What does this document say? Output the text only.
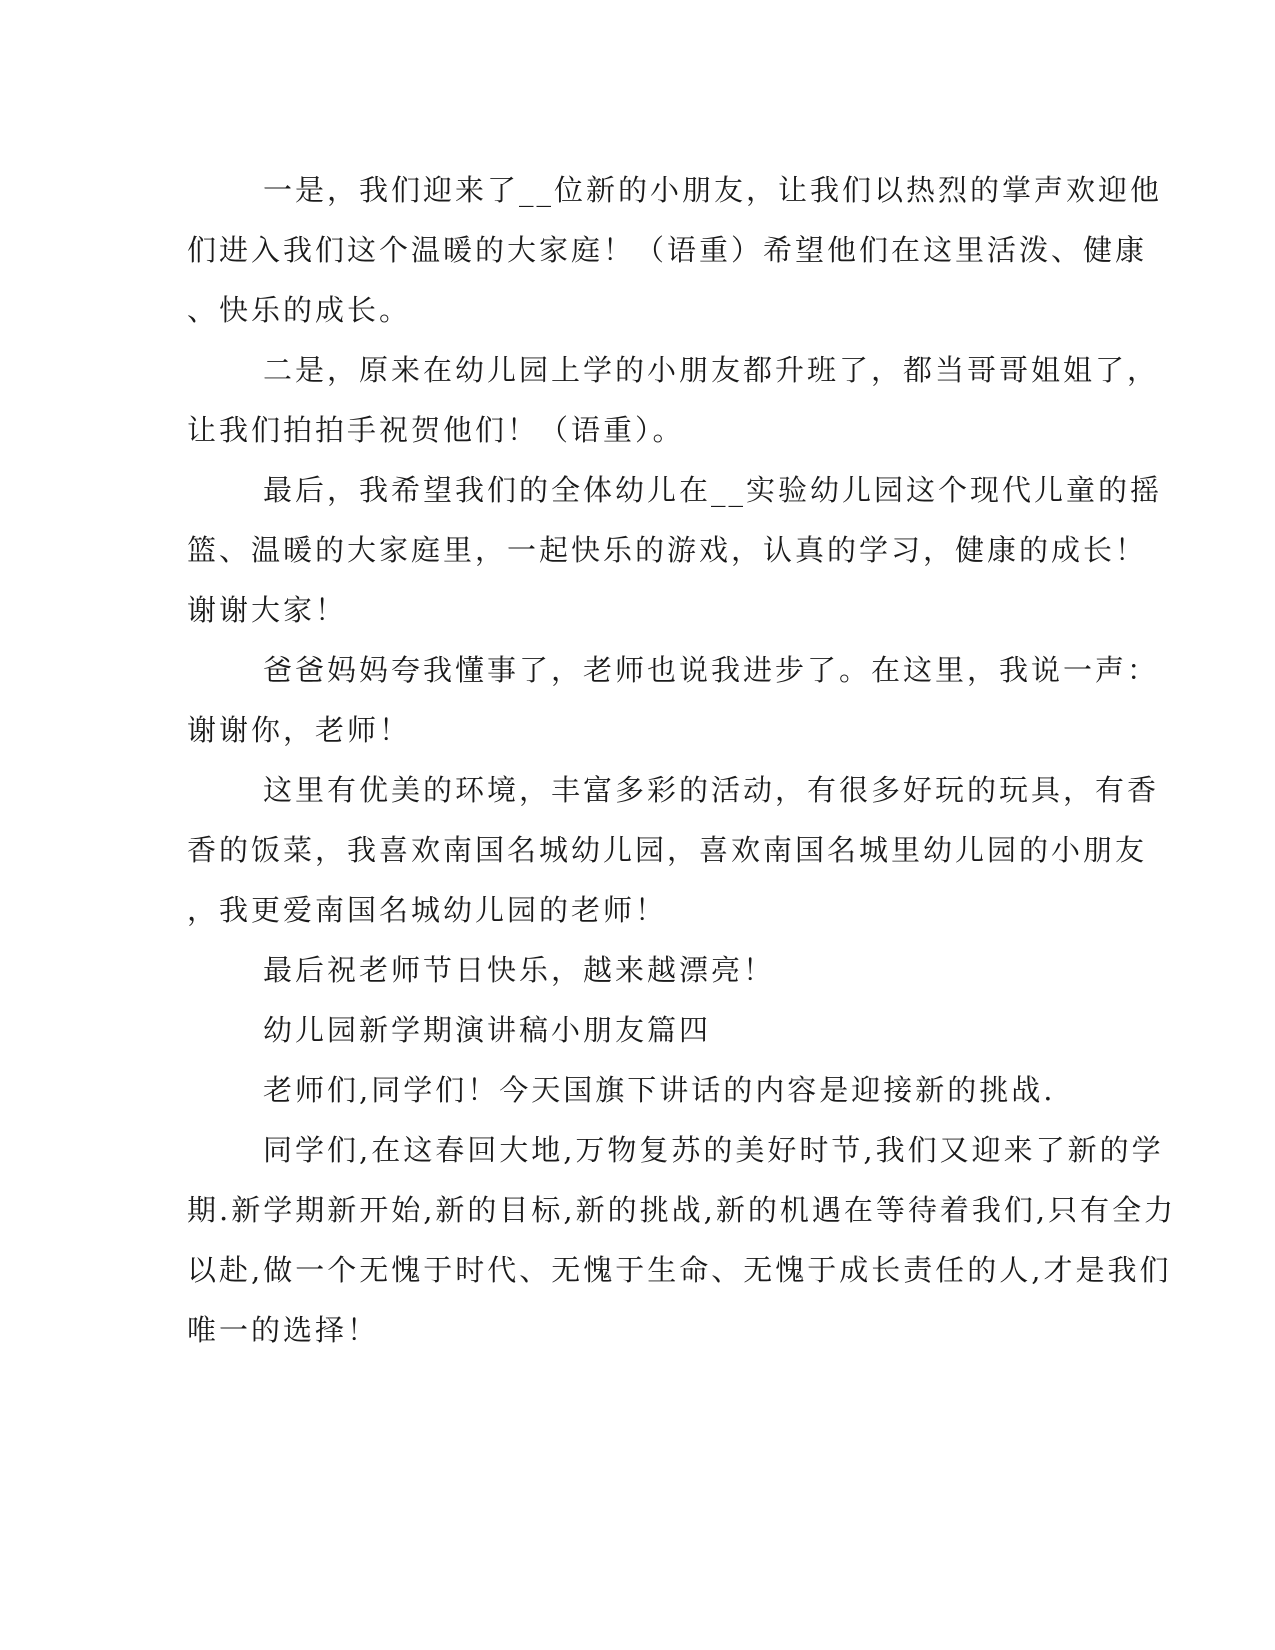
一是，我们迎来了__位新的小朋友，让我们以热烈的掌声欢迎他
们进入我们这个温暖的大家庭！（语重）希望他们在这里活泼、健康
、快乐的成长。
二是，原来在幼儿园上学的小朋友都升班了，都当哥哥姐姐了，
让我们拍拍手祝贺他们！（语重）。
最后，我希望我们的全体幼儿在__实验幼儿园这个现代儿童的摇
篮、温暖的大家庭里，一起快乐的游戏，认真的学习，健康的成长！
谢谢大家！
爸爸妈妈夸我懂事了，老师也说我进步了。在这里，我说一声：
谢谢你，老师！
这里有优美的环境，丰富多彩的活动，有很多好玩的玩具，有香
香的饭菜，我喜欢南国名城幼儿园，喜欢南国名城里幼儿园的小朋友
，我更爱南国名城幼儿园的老师！
最后祝老师节日快乐，越来越漂亮！
幼儿园新学期演讲稿小朋友篇四
老师们,同学们！今天国旗下讲话的内容是迎接新的挑战.
同学们,在这春回大地,万物复苏的美好时节,我们又迎来了新的学
期.新学期新开始,新的目标,新的挑战,新的机遇在等待着我们,只有全力
以赴,做一个无愧于时代、无愧于生命、无愧于成长责任的人,才是我们
唯一的选择！
